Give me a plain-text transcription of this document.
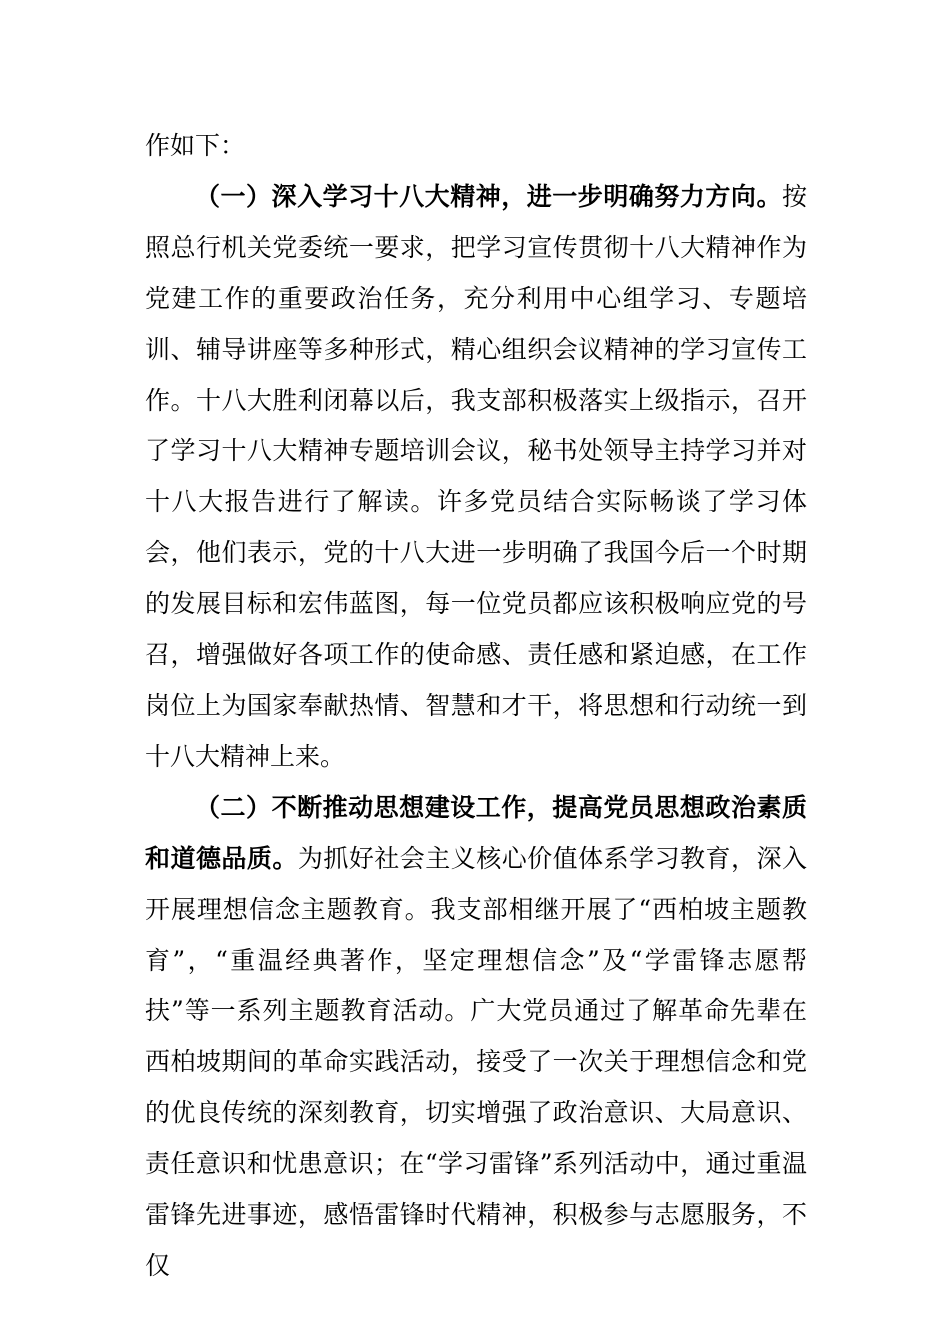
作如下：

（一）深入学习十八大精神，进一步明确努力方向。按照总行机关党委统一要求，把学习宣传贯彻十八大精神作为党建工作的重要政治任务，充分利用中心组学习、专题培训、辅导讲座等多种形式，精心组织会议精神的学习宣传工作。十八大胜利闭幕以后，我支部积极落实上级指示，召开了学习十八大精神专题培训会议，秘书处领导主持学习并对十八大报告进行了解读。许多党员结合实际畅谈了学习体会，他们表示，党的十八大进一步明确了我国今后一个时期的发展目标和宏伟蓝图，每一位党员都应该积极响应党的号召，增强做好各项工作的使命感、责任感和紧迫感，在工作岗位上为国家奉献热情、智慧和才干，将思想和行动统一到十八大精神上来。

（二）不断推动思想建设工作，提高党员思想政治素质和道德品质。为抓好社会主义核心价值体系学习教育，深入开展理想信念主题教育。我支部相继开展了“西柏坡主题教育”，“重温经典著作，坚定理想信念”及“学雷锋志愿帮扶”等一系列主题教育活动。广大党员通过了解革命先辈在西柏坡期间的革命实践活动，接受了一次关于理想信念和党的优良传统的深刻教育，切实增强了政治意识、大局意识、责任意识和忧患意识；在“学习雷锋”系列活动中，通过重温雷锋先进事迹，感悟雷锋时代精神，积极参与志愿服务，不仅
